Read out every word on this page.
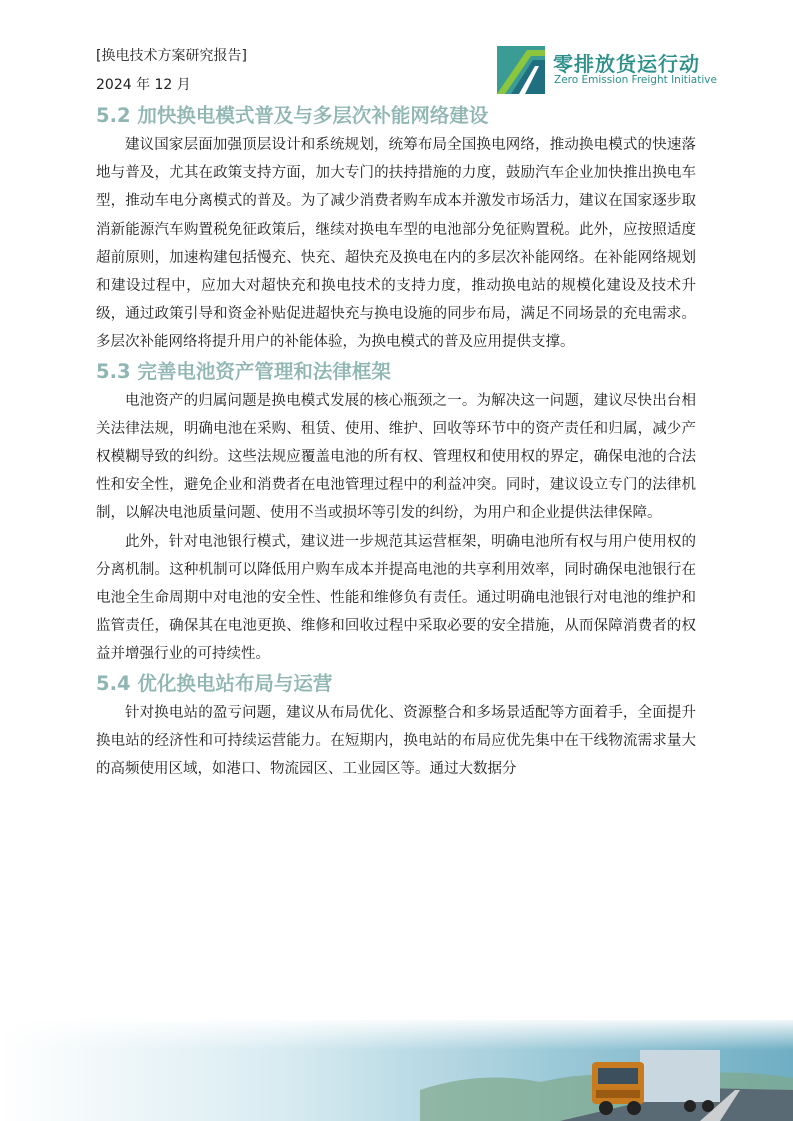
[换电技术方案研究报告]
2024 年 12 月
零排放货运行动
Zero Emission Freight Initiative
5.2 加快换电模式普及与多层次补能网络建设

建议国家层面加强顶层设计和系统规划，统筹布局全国换电网络，推动换电模式的快速落地与普及，尤其在政策支持方面，加大专门的扶持措施的力度，鼓励汽车企业加快推出换电车型，推动车电分离模式的普及。为了减少消费者购车成本并激发市场活力，建议在国家逐步取消新能源汽车购置税免征政策后，继续对换电车型的电池部分免征购置税。此外，应按照适度超前原则，加速构建包括慢充、快充、超快充及换电在内的多层次补能网络。在补能网络规划和建设过程中，应加大对超快充和换电技术的支持力度，推动换电站的规模化建设及技术升级，通过政策引导和资金补贴促进超快充与换电设施的同步布局，满足不同场景的充电需求。多层次补能网络将提升用户的补能体验，为换电模式的普及应用提供支撑。

5.3 完善电池资产管理和法律框架

电池资产的归属问题是换电模式发展的核心瓶颈之一。为解决这一问题，建议尽快出台相关法律法规，明确电池在采购、租赁、使用、维护、回收等环节中的资产责任和归属，减少产权模糊导致的纠纷。这些法规应覆盖电池的所有权、管理权和使用权的界定，确保电池的合法性和安全性，避免企业和消费者在电池管理过程中的利益冲突。同时，建议设立专门的法律机制，以解决电池质量问题、使用不当或损坏等引发的纠纷，为用户和企业提供法律保障。

此外，针对电池银行模式，建议进一步规范其运营框架，明确电池所有权与用户使用权的分离机制。这种机制可以降低用户购车成本并提高电池的共享利用效率，同时确保电池银行在电池全生命周期中对电池的安全性、性能和维修负有责任。通过明确电池银行对电池的维护和监管责任，确保其在电池更换、维修和回收过程中采取必要的安全措施，从而保障消费者的权益并增强行业的可持续性。

5.4 优化换电站布局与运营

针对换电站的盈亏问题，建议从布局优化、资源整合和多场景适配等方面着手，全面提升换电站的经济性和可持续运营能力。在短期内，换电站的布局应优先集中在干线物流需求量大的高频使用区域，如港口、物流园区、工业园区等。通过大数据分
